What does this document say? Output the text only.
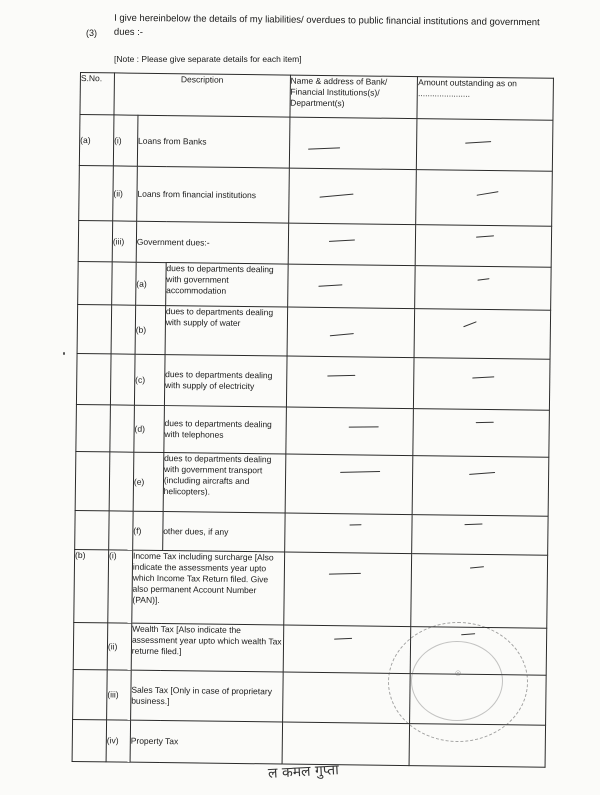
(3)
I give hereinbelow the details of my liabilities/ overdues to public financial institutions and government dues :-
[Note : Please give separate details for each item]
S.No.	Description			Name & address of Bank/ Financial Institutions(s)/ Department(s)	Amount outstanding as on ......................
(a)	(i)	Loans from Banks		

	(ii)	Loans from financial institutions		

	(iii)	Government dues:-		

		(a)	dues to departments dealing with government accommodation	

		(b)	dues to departments dealing with supply of water	

		(c)	dues to departments dealing with supply of electricity	

		(d)	dues to departments dealing with telephones	

		(e)	dues to departments dealing with government transport (including aircrafts and helicopters).	

		(f)	other dues, if any	

(b)	(i)	Income Tax including surcharge [Also indicate the assessments year upto which Income Tax Return filed. Give also permanent Account Number (PAN)].		

	(ii)	Wealth Tax [Also indicate the assessment year upto which wealth Tax returne filed.]		

	(iii)	Sales Tax [Only in case of proprietary business.]			
	(iv)	Property Tax			
◎
ल कमल गुप्ता
